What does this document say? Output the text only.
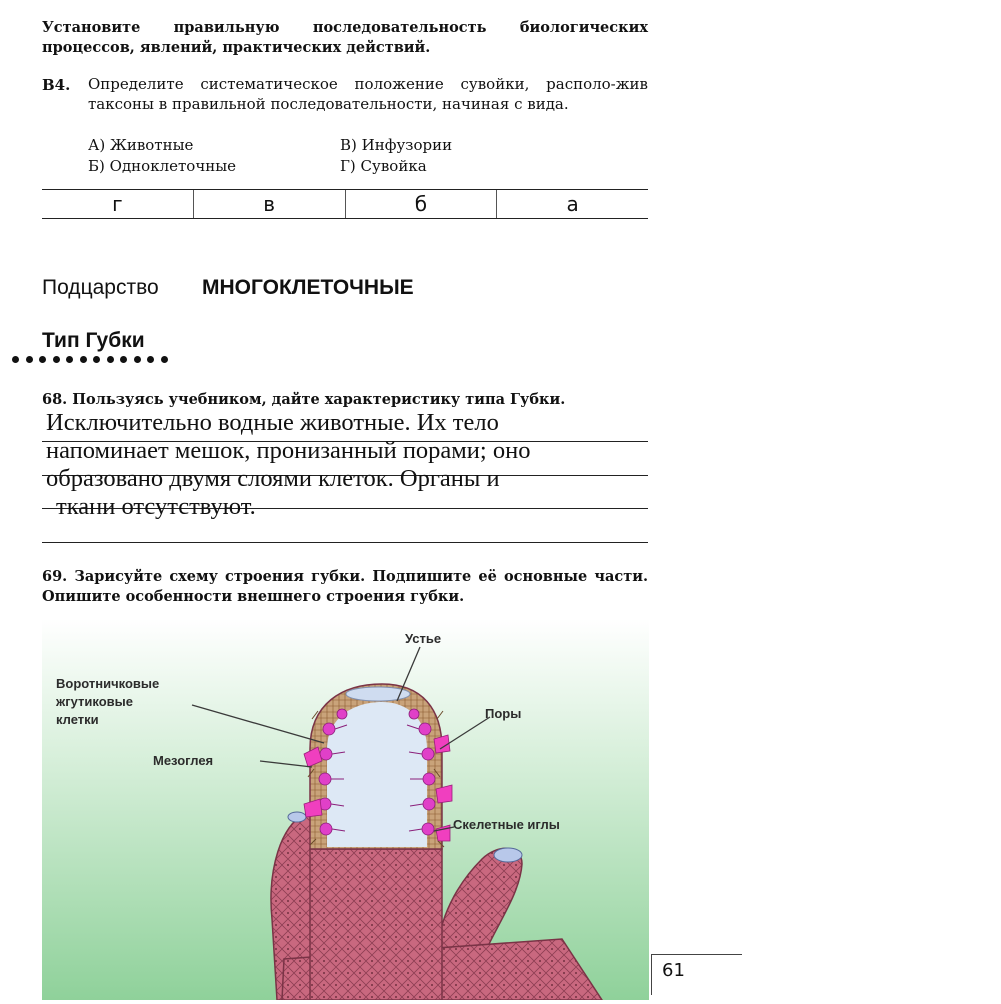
Установите правильную последовательность биологических процессов, явлений, практических действий.
В4. Определите систематическое положение сувойки, располо-жив таксоны в правильной последовательности, начиная с вида.
А) Животные	В) Инфузории
Б) Одноклеточные	Г) Сувойка
г	в	б	а
Подцарство МНОГОКЛЕТОЧНЫЕ
Тип Губки
68. Пользуясь учебником, дайте характеристику типа Губки.
Исключительно водные животные. Их тело
напоминает мешок, пронизанный порами; оно
образовано двумя слоями клеток. Органы и
ткани отсутствуют.
69. Зарисуйте схему строения губки. Подпишите её основные части. Опишите особенности внешнего строения губки.
Устье
Воротничковые
жгутиковые
клетки	Поры
Мезоглея
Скелетные иглы
61
